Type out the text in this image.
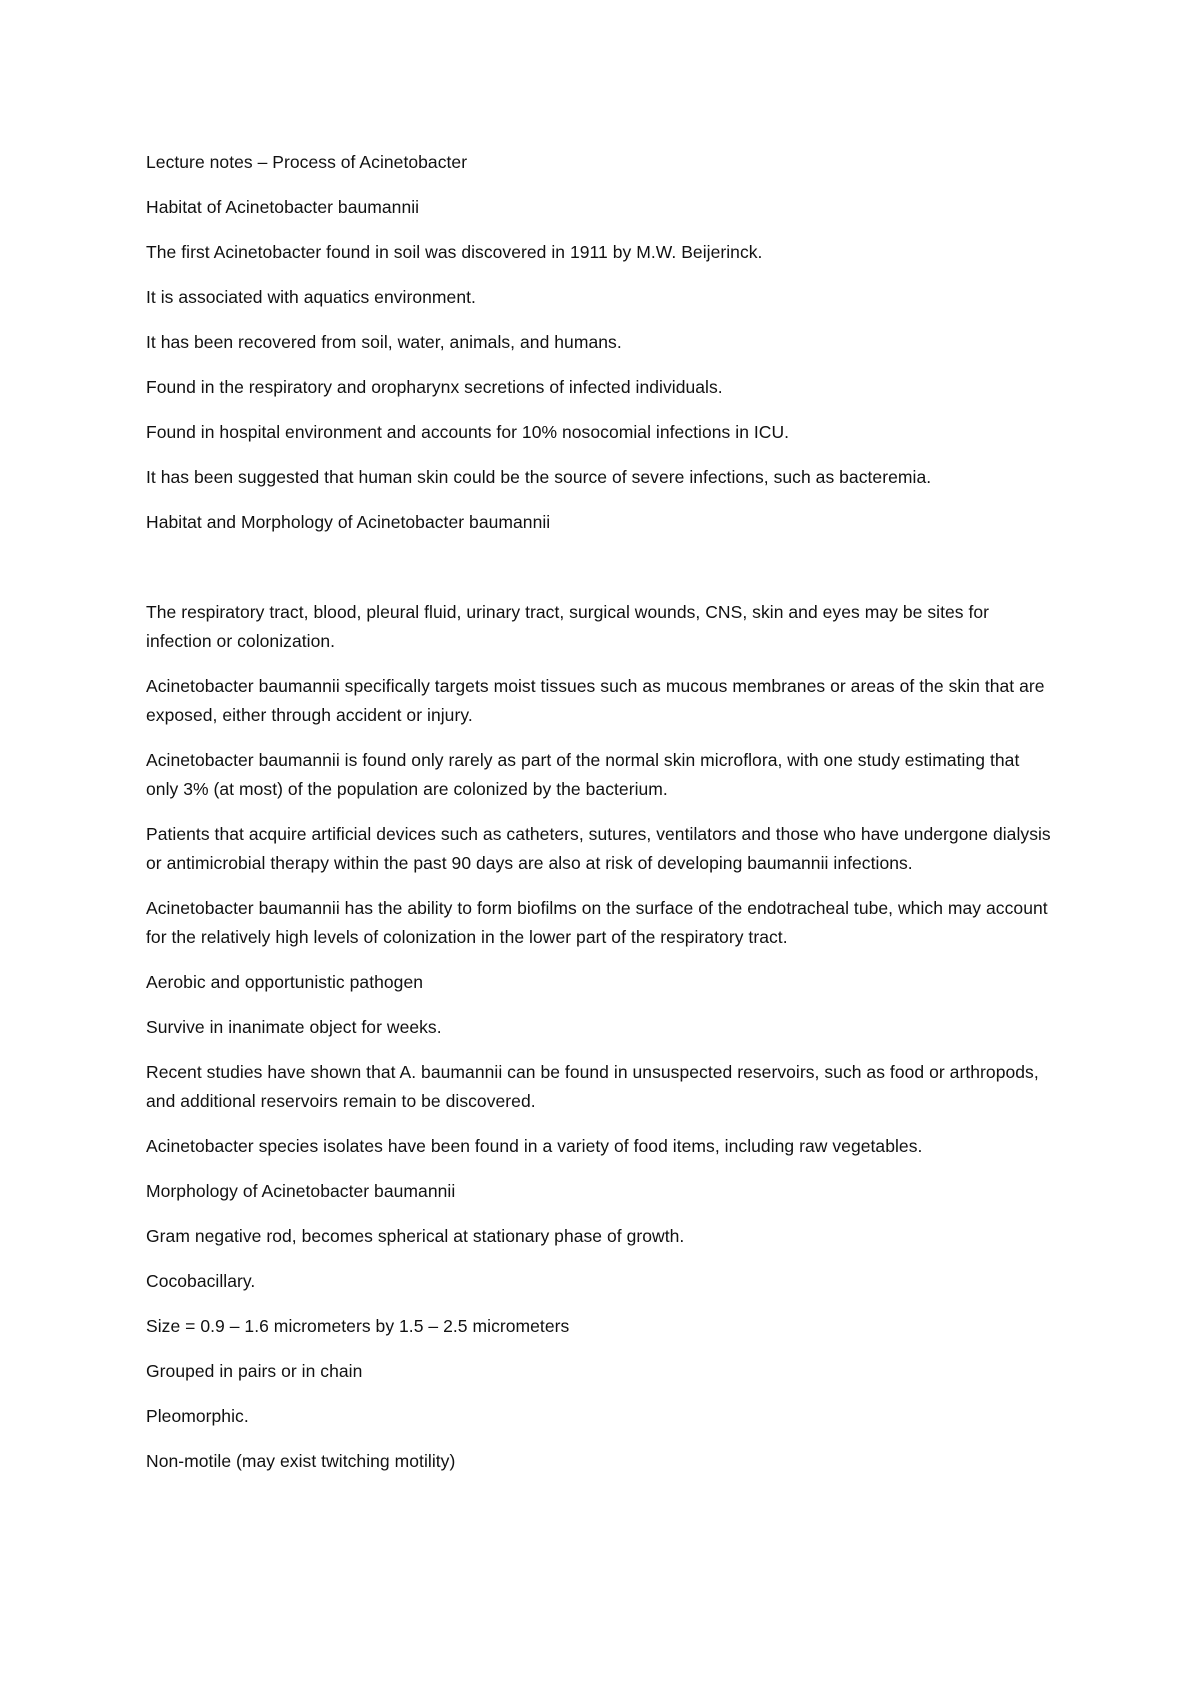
Lecture notes – Process of Acinetobacter

Habitat of Acinetobacter baumannii

The first Acinetobacter found in soil was discovered in 1911 by M.W. Beijerinck.

It is associated with aquatics environment.

It has been recovered from soil, water, animals, and humans.

Found in the respiratory and oropharynx secretions of infected individuals.

Found in hospital environment and accounts for 10% nosocomial infections in ICU.

It has been suggested that human skin could be the source of severe infections, such as bacteremia.

Habitat and Morphology of Acinetobacter baumannii

The respiratory tract, blood, pleural fluid, urinary tract, surgical wounds, CNS, skin and eyes may be sites for infection or colonization.

Acinetobacter baumannii specifically targets moist tissues such as mucous membranes or areas of the skin that are exposed, either through accident or injury.

Acinetobacter baumannii is found only rarely as part of the normal skin microflora, with one study estimating that only 3% (at most) of the population are colonized by the bacterium.

Patients that acquire artificial devices such as catheters, sutures, ventilators and those who have undergone dialysis or antimicrobial therapy within the past 90 days are also at risk of developing baumannii infections.

Acinetobacter baumannii has the ability to form biofilms on the surface of the endotracheal tube, which may account for the relatively high levels of colonization in the lower part of the respiratory tract.

Aerobic and opportunistic pathogen

Survive in inanimate object for weeks.

Recent studies have shown that A. baumannii can be found in unsuspected reservoirs, such as food or arthropods, and additional reservoirs remain to be discovered.

Acinetobacter species isolates have been found in a variety of food items, including raw vegetables.

Morphology of Acinetobacter baumannii

Gram negative rod, becomes spherical at stationary phase of growth.

Cocobacillary.

Size = 0.9 – 1.6 micrometers by 1.5 – 2.5 micrometers

Grouped in pairs or in chain

Pleomorphic.

Non-motile (may exist twitching motility)
